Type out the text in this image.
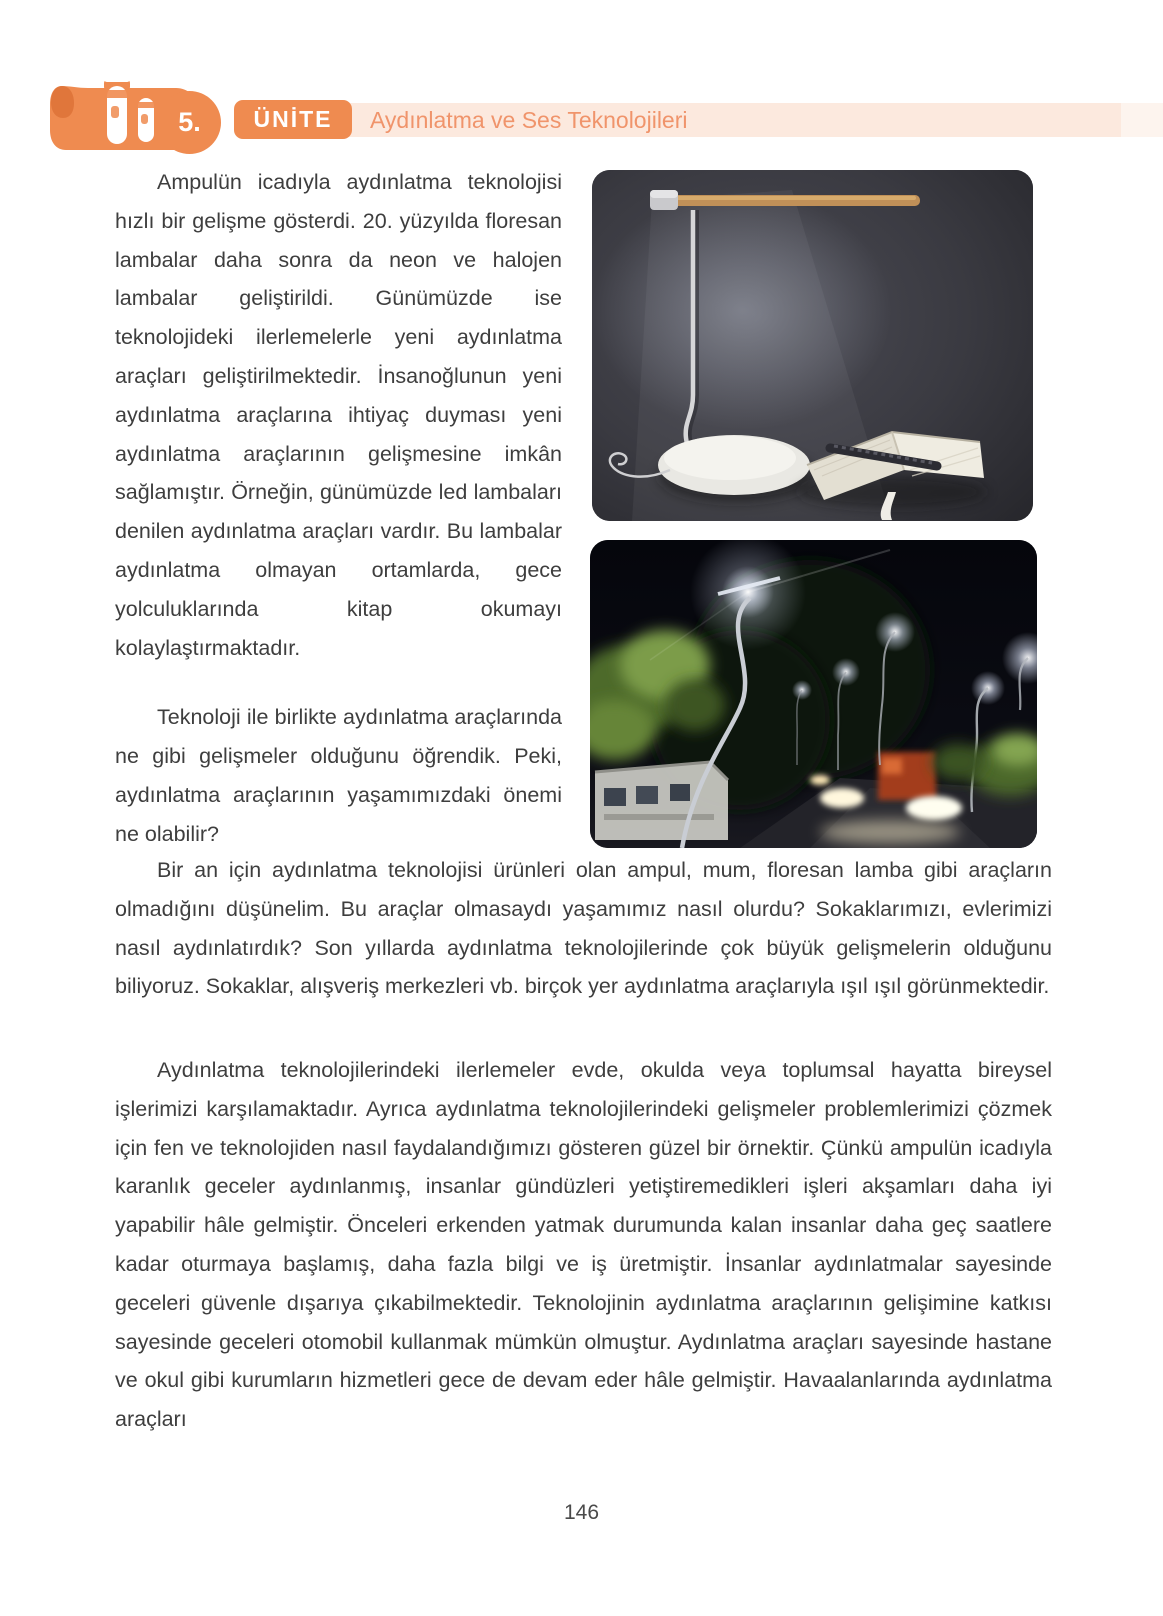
5. ÜNİTE Aydınlatma ve Ses Teknolojileri

Ampulün icadıyla aydınlatma teknolojisi hızlı bir gelişme gösterdi. 20. yüzyılda floresan lambalar daha sonra da neon ve halojen lambalar geliştirildi. Günümüzde ise teknolojideki ilerlemelerle yeni aydınlatma araçları geliştirilmektedir. İnsanoğlunun yeni aydınlatma araçlarına ihtiyaç duyması yeni aydınlatma araçlarının gelişmesine imkân sağlamıştır. Örneğin, günümüzde led lambaları denilen aydınlatma araçları vardır. Bu lambalar aydınlatma olmayan ortamlarda, gece yolculuklarında kitap okumayı kolaylaştırmaktadır.

Teknoloji ile birlikte aydınlatma araçlarında ne gibi gelişmeler olduğunu öğrendik. Peki, aydınlatma araçlarının yaşamımızdaki önemi ne olabilir?

Bir an için aydınlatma teknolojisi ürünleri olan ampul, mum, floresan lamba gibi araçların olmadığını düşünelim. Bu araçlar olmasaydı yaşamımız nasıl olurdu? Sokaklarımızı, evlerimizi nasıl aydınlatırdık? Son yıllarda aydınlatma teknolojilerinde çok büyük gelişmelerin olduğunu biliyoruz. Sokaklar, alışveriş merkezleri vb. birçok yer aydınlatma araçlarıyla ışıl ışıl görünmektedir.

Aydınlatma teknolojilerindeki ilerlemeler evde, okulda veya toplumsal hayatta bireysel işlerimizi karşılamaktadır. Ayrıca aydınlatma teknolojilerindeki gelişmeler problemlerimizi çözmek için fen ve teknolojiden nasıl faydalandığımızı gösteren güzel bir örnektir. Çünkü ampulün icadıyla karanlık geceler aydınlanmış, insanlar gündüzleri yetiştiremedikleri işleri akşamları daha iyi yapabilir hâle gelmiştir. Önceleri erkenden yatmak durumunda kalan insanlar daha geç saatlere kadar oturmaya başlamış, daha fazla bilgi ve iş üretmiştir. İnsanlar aydınlatmalar sayesinde geceleri güvenle dışarıya çıkabilmektedir. Teknolojinin aydınlatma araçlarının gelişimine katkısı sayesinde geceleri otomobil kullanmak mümkün olmuştur. Aydınlatma araçları sayesinde hastane ve okul gibi kurumların hizmetleri gece de devam eder hâle gelmiştir. Havaalanlarında aydınlatma araçları

146
